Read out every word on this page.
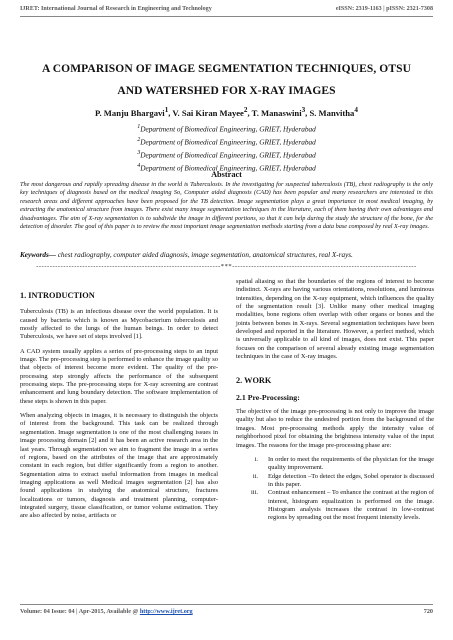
IJRET: International Journal of Research in Engineering and Technology	eISSN: 2319-1163 | pISSN: 2321-7308
A COMPARISON OF IMAGE SEGMENTATION TECHNIQUES, OTSU
AND WATERSHED FOR X-RAY IMAGES
P. Manju Bhargavi$^1$, V. Sai Kiran Mayee$^2$, T. Manaswini$^3$, S. Manvitha$^4$
$^1$Department of Biomedical Engineering, GRIET, Hyderabad
$^2$Department of Biomedical Engineering, GRIET, Hyderabad
$^3$Department of Biomedical Engineering, GRIET, Hyderabad
$^4$Department of Biomedical Engineering, GRIET, Hyderabad
Abstract
The most dangerous and rapidly spreading disease in the world is Tuberculosis. In the investigating for suspected tuberculosis (TB), chest radiography is the only key techniques of diagnosis based on the medical imaging So, Computer aided diagnosis (CAD) has been popular and many researchers are interested in this research areas and different approaches have been proposed for the TB detection. Image segmentation plays a great importance in most medical imaging, by extracting the anatomical structure from images. There exist many image segmentation techniques in the literature, each of them having their own advantages and disadvantages. The aim of X-ray segmentation is to subdivide the image in different portions, so that it can help during the study the structure of the bone, for the detection of disorder. The goal of this paper is to review the most important image segmentation methods starting from a data base composed by real X-ray images.
Keywords— chest radiography, computer aided diagnosis, image segmentation, anatomical structures, real X-rays.
--------------------------------------------------------------------***--------------------------------------------------------------------
1. INTRODUCTION

Tuberculosis (TB) is an infectious disease over the world population. It is caused by bacteria which is known as Mycobacterium tuberculosis and mostly affected to the lungs of the human beings. In order to detect Tuberculosis, we have set of steps involved [1].

A CAD system usually applies a series of pre-processing steps to an input image. The pre-processing step is performed to enhance the image quality so that objects of interest become more evident. The quality of the pre-processing step strongly affects the performance of the subsequent processing steps. The pre-processing steps for X-ray screening are contrast enhancement and lung boundary detection. The software implementation of these steps is shown in this paper.

When analyzing objects in images, it is necessary to distinguish the objects of interest from the background. This task can be realized through segmentation. Image segmentation is one of the most challenging issues in image processing domain [2] and it has been an active research area in the last years. Through segmentation we aim to fragment the image in a series of regions, based on the attributes of the image that are approximately constant in each region, but differ significantly from a region to another. Segmentation aims to extract useful information from images in medical imaging applications as well Medical images segmentation [2] has also found applications in studying the anatomical structure, fractures localizations or tumors, diagnosis and treatment planning, computer-integrated surgery, tissue classification, or tumor volume estimation. They are also affected by noise, artifacts or

spatial aliasing so that the boundaries of the regions of interest to become indistinct. X-rays are having various orientations, resolutions, and luminous intensities, depending on the X-ray equipment, which influences the quality of the segmentation result [3]. Unlike many other medical imaging modalities, bone regions often overlap with other organs or bones and the joints between bones in X-rays. Several segmentation techniques have been developed and reported in the literature. However, a perfect method, which is universally applicable to all kind of images, does not exist. This paper focuses on the comparison of several already existing image segmentation techniques in the case of X-ray images.

2. WORK
2.1 Pre-Processing:

The objective of the image pre-processing is not only to improve the image quality but also to reduce the undesired portion from the background of the images. Most pre-processing methods apply the intensity value of neighborhood pixel for obtaining the brightness intensity value of the input images. The reasons for the image pre-processing phase are:

i.	In order to meet the requirements of the physician for the image quality improvement.
ii.	Edge detection –To detect the edges, Sobel operator is discussed in this paper.
iii.	Contrast enhancement – To enhance the contrast at the region of interest, histogram equalization is performed on the image. Histogram analysis increases the contrast in low-contrast regions by spreading out the most frequent intensity levels.
Volume: 04 Issue: 04 | Apr-2015, Available @ http://www.ijret.org	720
